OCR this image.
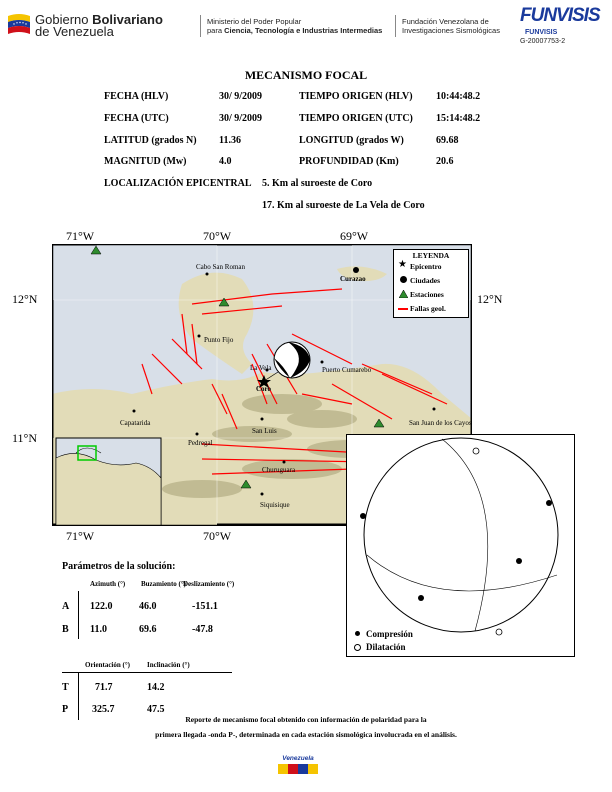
Gobierno Bolivariano
de Venezuela
Ministerio del Poder Popular
para Ciencia, Tecnología e Industrias Intermedias
Fundación Venezolana de
Investigaciones Sismológicas
FUNVISIS
FUNVISIS
G-20007753-2
MECANISMO FOCAL
FECHA (HLV)	30/ 9/2009	TIEMPO ORIGEN (HLV) 10:44:48.2
FECHA (UTC)	30/ 9/2009	TIEMPO ORIGEN (UTC) 15:14:48.2
LATITUD (grados N) 11.36	LONGITUD (grados W)	69.68
MAGNITUD (Mw)	4.0	PROFUNDIDAD (Km)	20.6
LOCALIZACIÓN EPICENTRAL 5. Km al suroeste de Coro
17. Km al suroeste de La Vela de Coro
71°W	70°W	69°W
12°N	12°N
11°N
71°W	70°W
Cabo San Roman
Curazao
Punto Fijo
La Vela	Puerto Cumarebo
Coro
Capatarida
San Luis
San Juan de los Cayos
Pedregal
Churuguara
Siquisique
LEYENDA
★ Epicentro
Ciudades
Estaciones
Fallas geol.
Compresión
Dilatación
Parámetros de la solución:
Azimuth (°) Buzamiento (°)
Deslizamiento (°)
A 122.0	46.0	-151.1
B 11.0	69.6	-47.8
Orientación (°) Inclinación (°)
T	71.7	14.2
P 325.7	47.5
Reporte de mecanismo focal obtenido con información de polaridad para la
primera llegada -onda P-, determinada en cada estación sismológica involucrada en el análisis.
Venezuela
